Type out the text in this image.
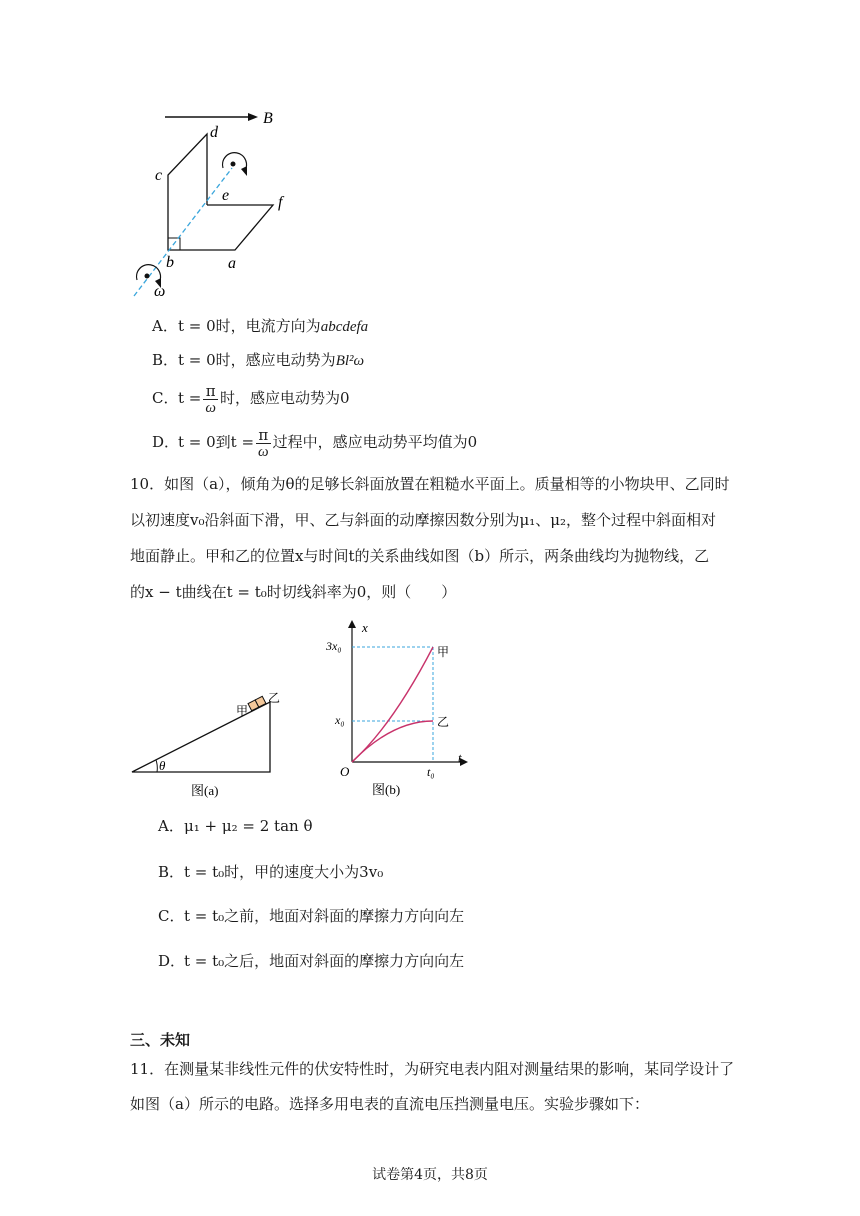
B
c
d
e	f
b	a
ω
A．t = 0时，电流方向为abcdefa
B．t = 0时，感应电动势为Bl²ω
C．$t = \frac{\pi}{\omega}$ 时，感应电动势为0
D．t = 0到$t = \frac{\pi}{\omega}$ 过程中，感应电动势平均值为0
10．如图（a），倾角为θ的足够长斜面放置在粗糙水平面上。质量相等的小物块甲、乙同时
以初速度v₀沿斜面下滑，甲、乙与斜面的动摩擦因数分别为μ₁、μ₂，整个过程中斜面相对
地面静止。甲和乙的位置x与时间t的关系曲线如图（b）所示，两条曲线均为抛物线，乙
的x − t曲线在t = t₀时切线斜率为0，则（　　）
甲
乙
θ
图(a)
x
t
3x₀
x₀
O	t₀
甲
乙
图(b)
A．μ₁ + μ₂ = 2 tan θ
B．t = t₀时，甲的速度大小为3v₀
C．t = t₀之前，地面对斜面的摩擦力方向向左
D．t = t₀之后，地面对斜面的摩擦力方向向左
三、未知
11．在测量某非线性元件的伏安特性时，为研究电表内阻对测量结果的影响，某同学设计了
如图（a）所示的电路。选择多用电表的直流电压挡测量电压。实验步骤如下：
试卷第4页，共8页
